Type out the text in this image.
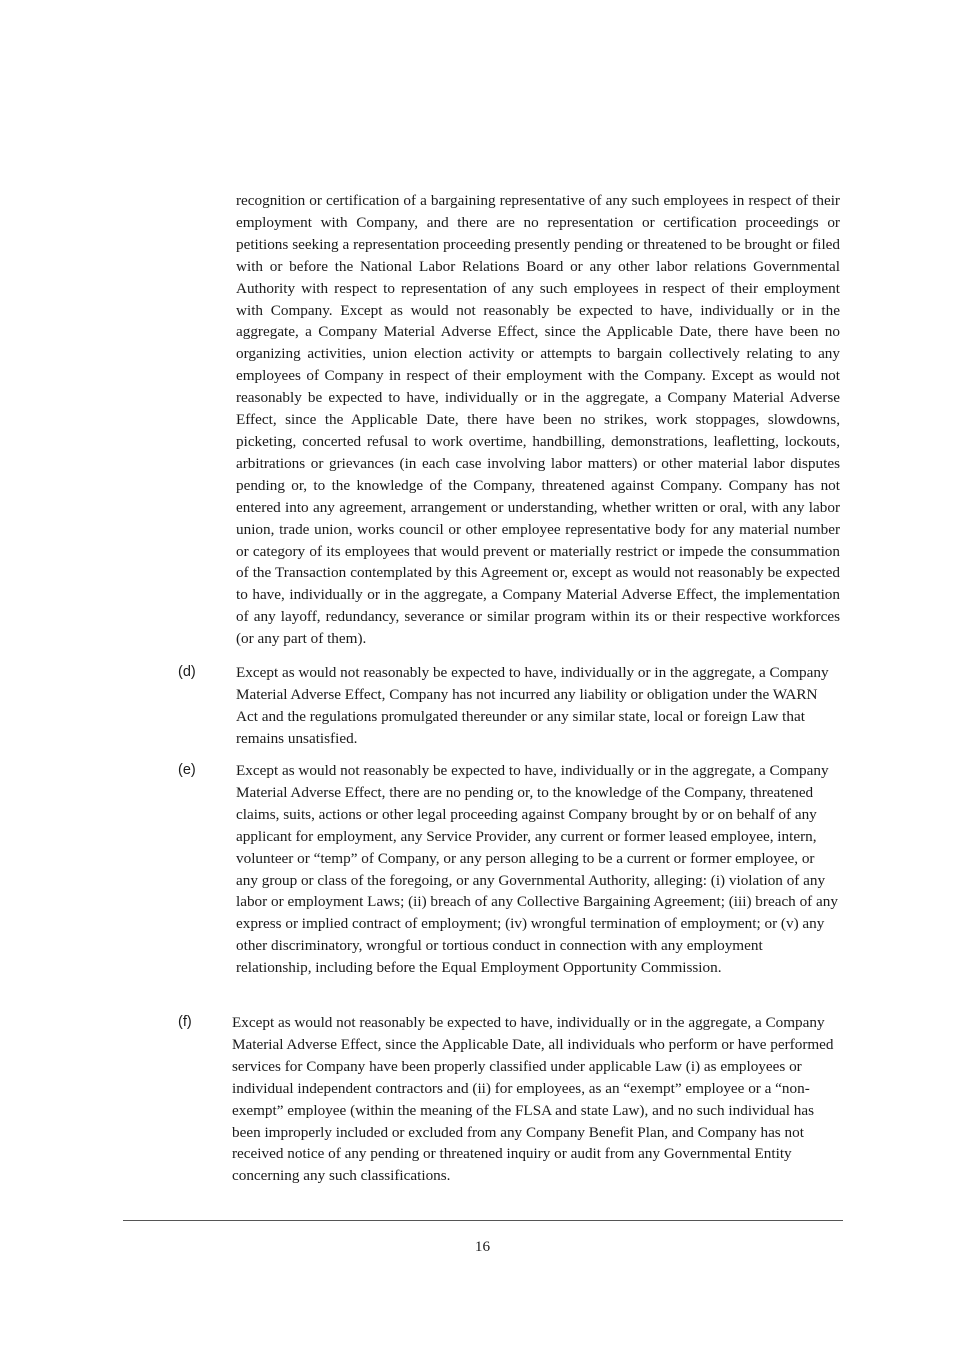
recognition or certification of a bargaining representative of any such employees in respect of their employment with Company, and there are no representation or certification proceedings or petitions seeking a representation proceeding presently pending or threatened to be brought or filed with or before the National Labor Relations Board or any other labor relations Governmental Authority with respect to representation of any such employees in respect of their employment with Company. Except as would not reasonably be expected to have, individually or in the aggregate, a Company Material Adverse Effect, since the Applicable Date, there have been no organizing activities, union election activity or attempts to bargain collectively relating to any employees of Company in respect of their employment with the Company. Except as would not reasonably be expected to have, individually or in the aggregate, a Company Material Adverse Effect, since the Applicable Date, there have been no strikes, work stoppages, slowdowns, picketing, concerted refusal to work overtime, handbilling, demonstrations, leafletting, lockouts, arbitrations or grievances (in each case involving labor matters) or other material labor disputes pending or, to the knowledge of the Company, threatened against Company. Company has not entered into any agreement, arrangement or understanding, whether written or oral, with any labor union, trade union, works council or other employee representative body for any material number or category of its employees that would prevent or materially restrict or impede the consummation of the Transaction contemplated by this Agreement or, except as would not reasonably be expected to have, individually or in the aggregate, a Company Material Adverse Effect, the implementation of any layoff, redundancy, severance or similar program within its or their respective workforces (or any part of them).

(d)	Except as would not reasonably be expected to have, individually or in the aggregate, a Company Material Adverse Effect, Company has not incurred any liability or obligation under the WARN Act and the regulations promulgated thereunder or any similar state, local or foreign Law that remains unsatisfied.

(e)	Except as would not reasonably be expected to have, individually or in the aggregate, a Company Material Adverse Effect, there are no pending or, to the knowledge of the Company, threatened claims, suits, actions or other legal proceeding against Company brought by or on behalf of any applicant for employment, any Service Provider, any current or former leased employee, intern, volunteer or “temp” of Company, or any person alleging to be a current or former employee, or any group or class of the foregoing, or any Governmental Authority, alleging: (i) violation of any labor or employment Laws; (ii) breach of any Collective Bargaining Agreement; (iii) breach of any express or implied contract of employment; (iv) wrongful termination of employment; or (v) any other discriminatory, wrongful or tortious conduct in connection with any employment relationship, including before the Equal Employment Opportunity Commission.

(f)	Except as would not reasonably be expected to have, individually or in the aggregate, a Company Material Adverse Effect, since the Applicable Date, all individuals who perform or have performed services for Company have been properly classified under applicable Law (i) as employees or individual independent contractors and (ii) for employees, as an “exempt” employee or a “non-exempt” employee (within the meaning of the FLSA and state Law), and no such individual has been improperly included or excluded from any Company Benefit Plan, and Company has not received notice of any pending or threatened inquiry or audit from any Governmental Entity concerning any such classifications.

16
